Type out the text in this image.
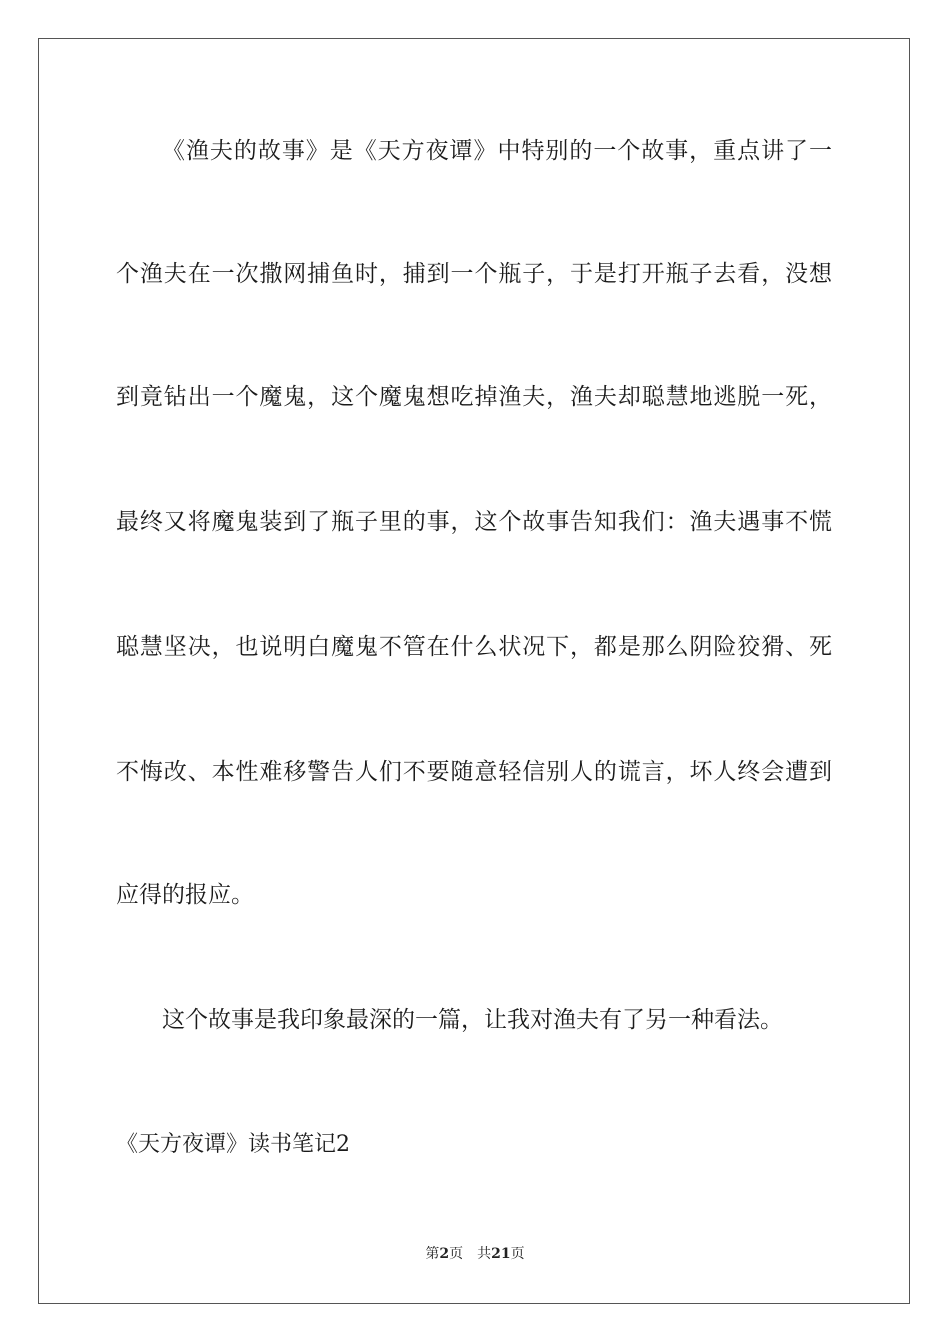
《渔夫的故事》是《天方夜谭》中特别的一个故事，重点讲了一
个渔夫在一次撒网捕鱼时，捕到一个瓶子，于是打开瓶子去看，没想
到竟钻出一个魔鬼，这个魔鬼想吃掉渔夫，渔夫却聪慧地逃脱一死，
最终又将魔鬼装到了瓶子里的事，这个故事告知我们：渔夫遇事不慌
聪慧坚决，也说明白魔鬼不管在什么状况下，都是那么阴险狡猾、死
不悔改、本性难移警告人们不要随意轻信别人的谎言，坏人终会遭到
应得的报应。
这个故事是我印象最深的一篇，让我对渔夫有了另一种看法。
《天方夜谭》读书笔记2
第2页 共21页
